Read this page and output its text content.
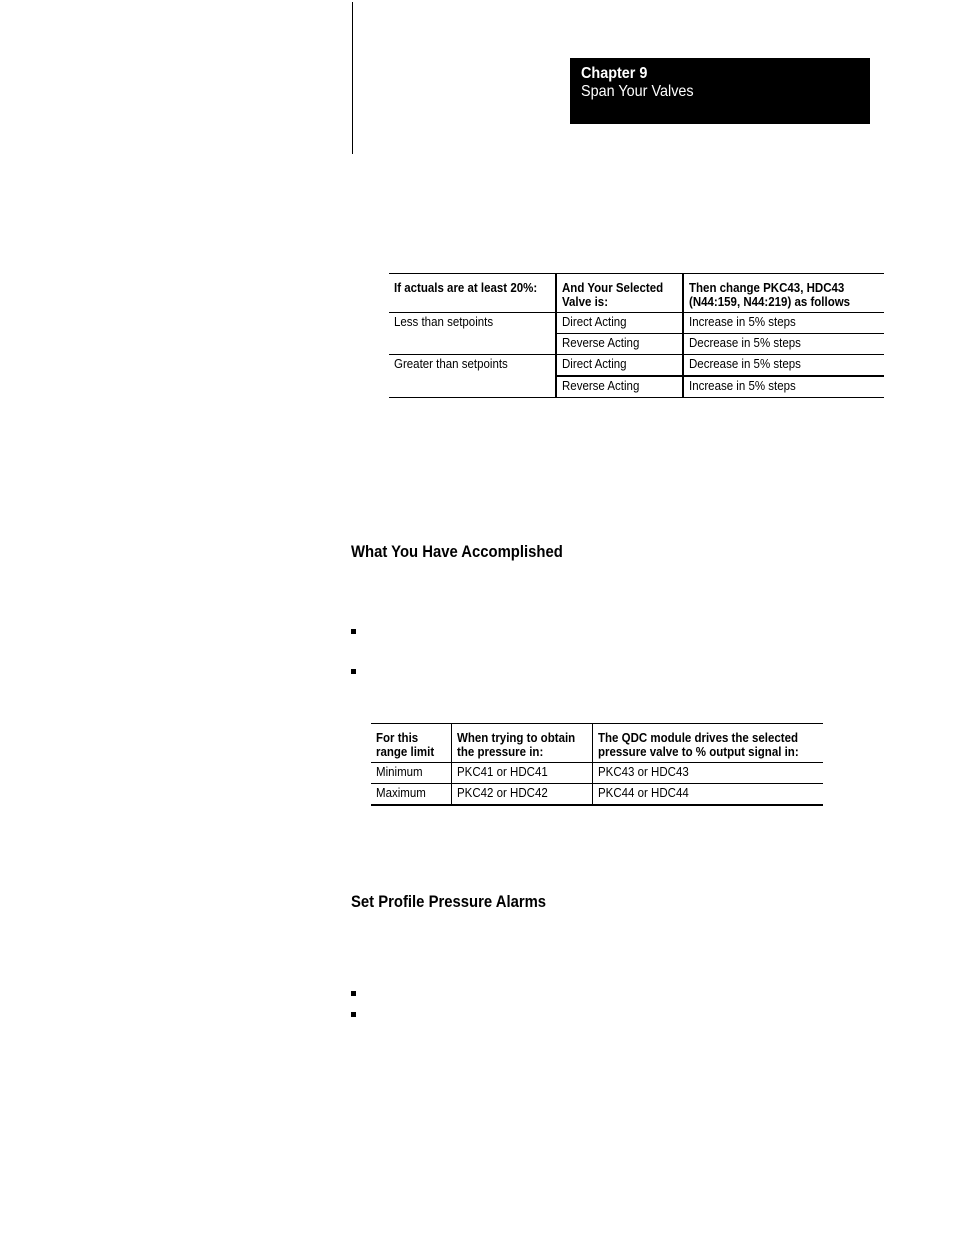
Chapter 9
Span Your Valves
If actuals are at least 20%:	And Your Selected Valve is:	Then change PKC43, HDC43 (N44:159, N44:219) as follows
Less than setpoints	Direct Acting	Increase in 5% steps
	Reverse Acting	Decrease in 5% steps
Greater than setpoints	Direct Acting	Decrease in 5% steps
	Reverse Acting	Increase in 5% steps
What You Have Accomplished
For this range limit	When trying to obtain the pressure in:	The QDC module drives the selected pressure valve to % output signal in:
Minimum	PKC41 or HDC41	PKC43 or HDC43
Maximum	PKC42 or HDC42	PKC44 or HDC44
Set Profile Pressure Alarms
